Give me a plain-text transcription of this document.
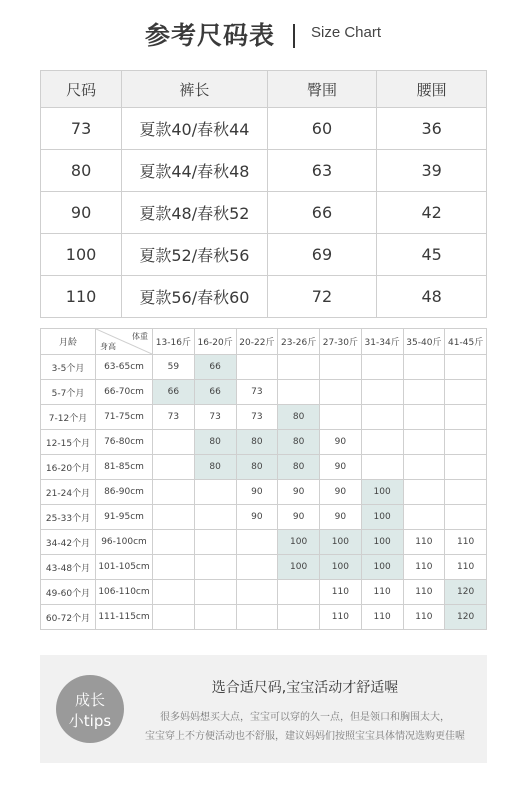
参考尺码表 Size Chart
尺码	裤长	臀围	腰围
73	夏款40/春秋44	60	36
80	夏款44/春秋48	63	39
90	夏款48/春秋52	66	42
100	夏款52/春秋56	69	45
110	夏款56/春秋60	72	48
月龄	体重
身高	13-16斤	16-20斤	20-22斤	23-26斤	27-30斤	31-34斤	35-40斤	41-45斤
3-5个月	63-65cm	59	66						
5-7个月	66-70cm	66	66	73					
7-12个月	71-75cm	73	73	73	80				
12-15个月	76-80cm		80	80	80	90			
16-20个月	81-85cm		80	80	80	90			
21-24个月	86-90cm			90	90	90	100		
25-33个月	91-95cm			90	90	90	100		
34-42个月	96-100cm				100	100	100	110	110
43-48个月	101-105cm				100	100	100	110	110
49-60个月	106-110cm					110	110	110	120
60-72个月	111-115cm					110	110	110	120
成长
小tips
选合适尺码,宝宝活动才舒适喔
很多妈妈想买大点，宝宝可以穿的久一点，但是领口和胸围太大，
宝宝穿上不方便活动也不舒服，建议妈妈们按照宝宝具体情况选购更佳喔
